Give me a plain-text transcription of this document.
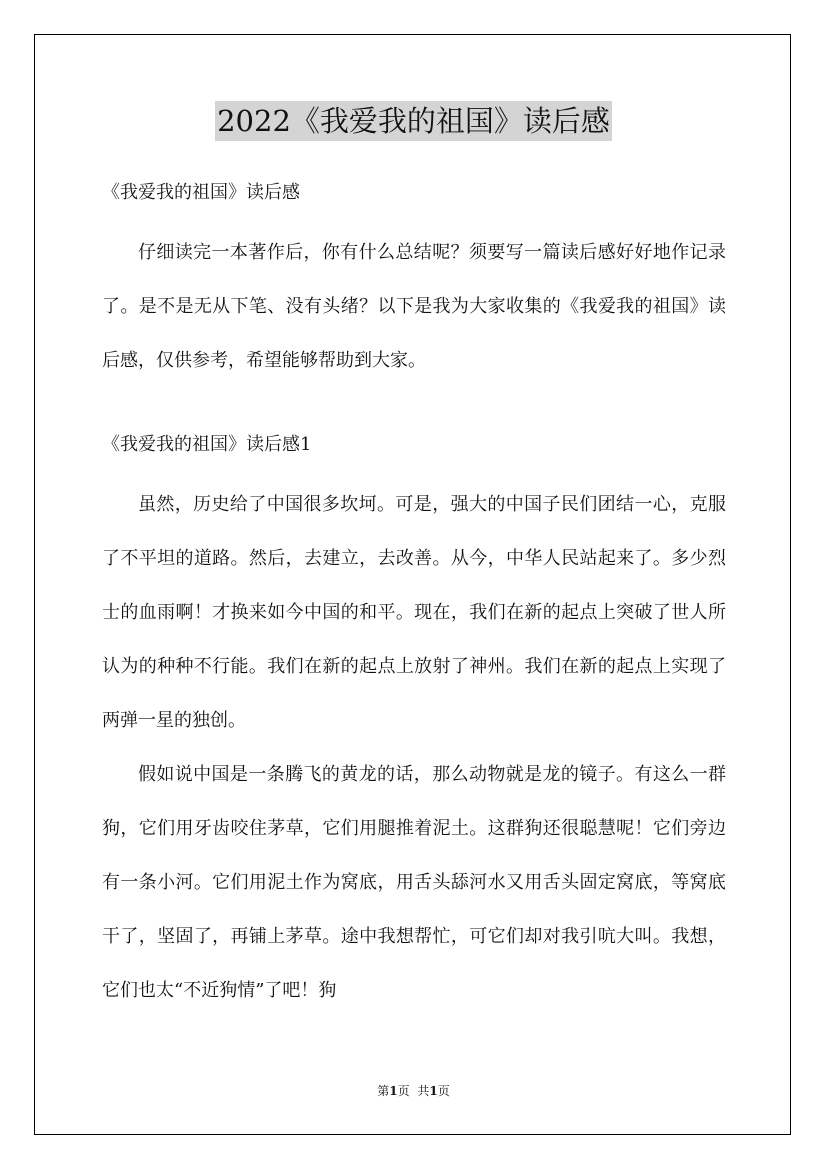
2022《我爱我的祖国》读后感

《我爱我的祖国》读后感

仔细读完一本著作后，你有什么总结呢？须要写一篇读后感好好地作记录了。是不是无从下笔、没有头绪？以下是我为大家收集的《我爱我的祖国》读后感，仅供参考，希望能够帮助到大家。

《我爱我的祖国》读后感1

虽然，历史给了中国很多坎坷。可是，强大的中国子民们团结一心，克服了不平坦的道路。然后，去建立，去改善。从今，中华人民站起来了。多少烈士的血雨啊！才换来如今中国的和平。现在，我们在新的起点上突破了世人所认为的种种不行能。我们在新的起点上放射了神州。我们在新的起点上实现了两弹一星的独创。

假如说中国是一条腾飞的黄龙的话，那么动物就是龙的镜子。有这么一群狗，它们用牙齿咬住茅草，它们用腿推着泥土。这群狗还很聪慧呢！它们旁边有一条小河。它们用泥土作为窝底，用舌头舔河水又用舌头固定窝底，等窝底干了，坚固了，再铺上茅草。途中我想帮忙，可它们却对我引吭大叫。我想，它们也太“不近狗情”了吧！狗

第1页 共1页
